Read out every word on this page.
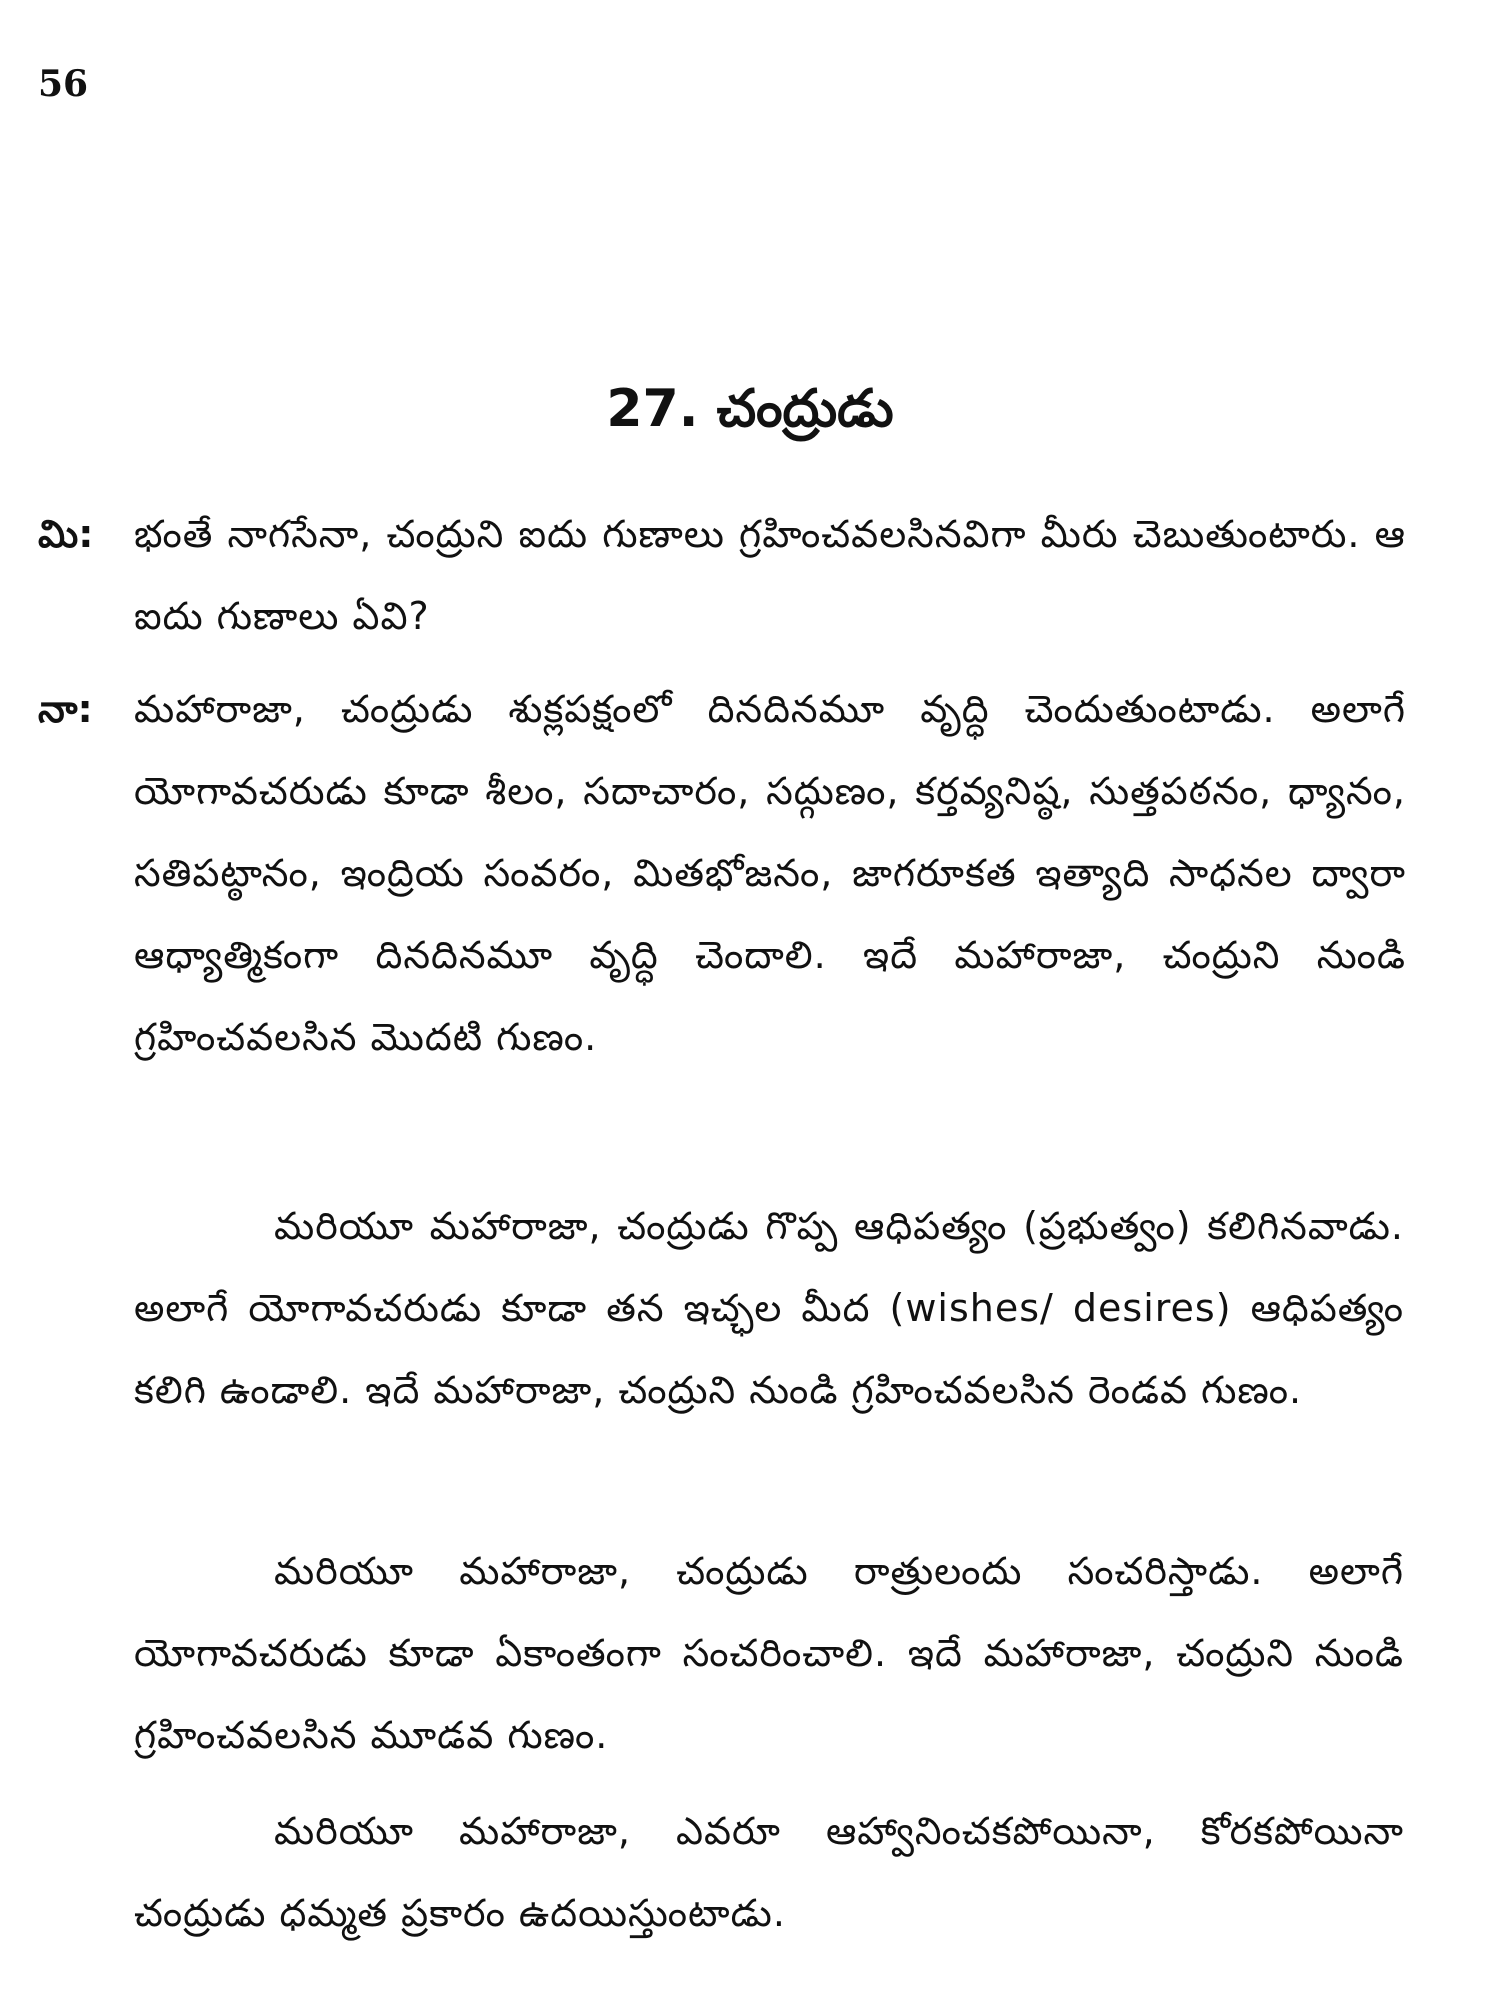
56
27. చంద్రుడు
మి:	భంతే నాగసేనా, చంద్రుని ఐదు గుణాలు గ్రహించవలసినవిగా మీరు చెబుతుంటారు. ఆ ఐదు గుణాలు ఏవి?
నా:	మహారాజా, చంద్రుడు శుక్లపక్షంలో దినదినమూ వృద్ధి చెందుతుంటాడు. అలాగే యోగావచరుడు కూడా శీలం, సదాచారం, సద్గుణం, కర్తవ్యనిష్ఠ, సుత్తపఠనం, ధ్యానం, సతిపట్ఠానం, ఇంద్రియ సంవరం, మితభోజనం, జాగరూకత ఇత్యాది సాధనల ద్వారా ఆధ్యాత్మికంగా దినదినమూ వృద్ధి చెందాలి. ఇదే మహారాజా, చంద్రుని నుండి గ్రహించవలసిన మొదటి గుణం.
మరియూ మహారాజా, చంద్రుడు గొప్ప ఆధిపత్యం (ప్రభుత్వం) కలిగినవాడు. అలాగే యోగావచరుడు కూడా తన ఇచ్ఛల మీద (wishes/ desires) ఆధిపత్యం కలిగి ఉండాలి. ఇదే మహారాజా, చంద్రుని నుండి గ్రహించవలసిన రెండవ గుణం.
మరియూ మహారాజా, చంద్రుడు రాత్రులందు సంచరిస్తాడు. అలాగే యోగావచరుడు కూడా ఏకాంతంగా సంచరించాలి. ఇదే మహారాజా, చంద్రుని నుండి గ్రహించవలసిన మూడవ గుణం.
మరియూ మహారాజా, ఎవరూ ఆహ్వానించకపోయినా, కోరకపోయినా చంద్రుడు ధమ్మత ప్రకారం ఉదయిస్తుంటాడు.
